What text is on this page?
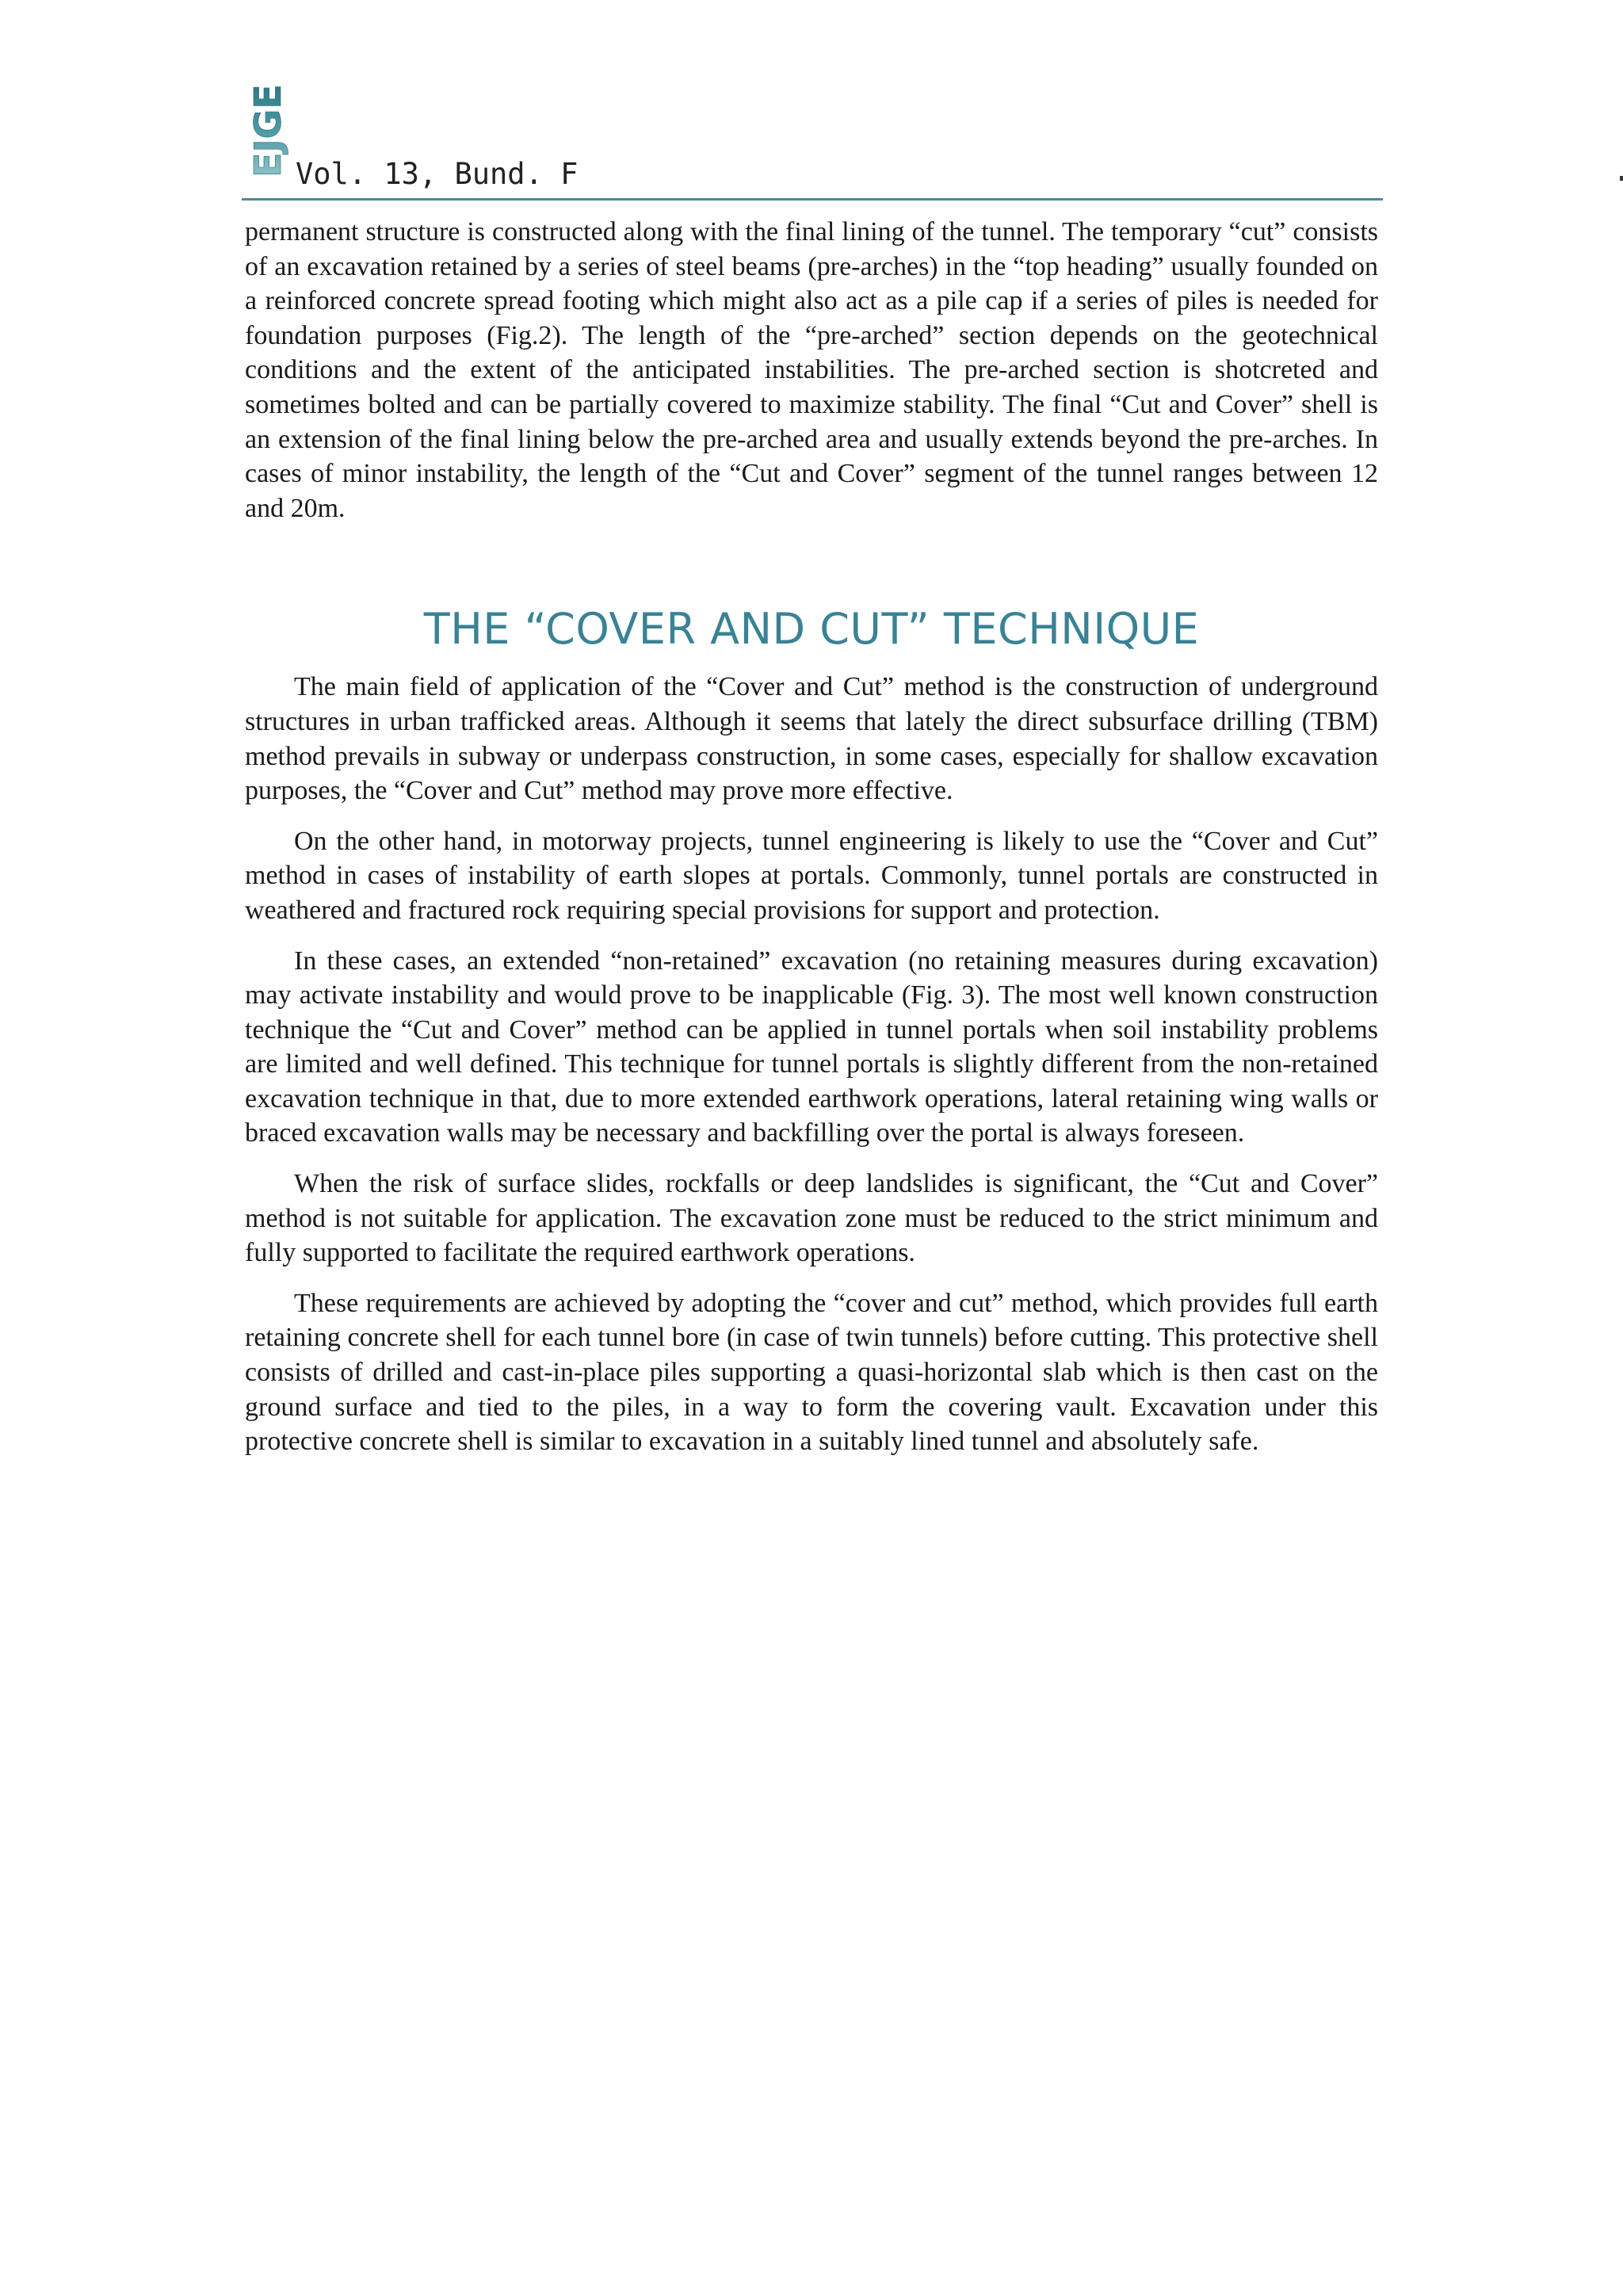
EJGE Vol. 13, Bund. F

permanent structure is constructed along with the final lining of the tunnel. The temporary “cut” consists of an excavation retained by a series of steel beams (pre-arches) in the “top heading” usually founded on a reinforced concrete spread footing which might also act as a pile cap if a series of piles is needed for foundation purposes (Fig.2). The length of the “pre-arched” section depends on the geotechnical conditions and the extent of the anticipated instabilities. The pre-arched section is shotcreted and sometimes bolted and can be partially covered to maximize stability. The final “Cut and Cover” shell is an extension of the final lining below the pre-arched area and usually extends beyond the pre-arches. In cases of minor instability, the length of the “Cut and Cover” segment of the tunnel ranges between 12 and 20m.

THE “COVER AND CUT” TECHNIQUE

The main field of application of the “Cover and Cut” method is the construction of underground structures in urban trafficked areas. Although it seems that lately the direct subsurface drilling (TBM) method prevails in subway or underpass construction, in some cases, especially for shallow excavation purposes, the “Cover and Cut” method may prove more effective.

On the other hand, in motorway projects, tunnel engineering is likely to use the “Cover and Cut” method in cases of instability of earth slopes at portals. Commonly, tunnel portals are constructed in weathered and fractured rock requiring special provisions for support and protection.

In these cases, an extended “non-retained” excavation (no retaining measures during excavation) may activate instability and would prove to be inapplicable (Fig. 3). The most well known construction technique the “Cut and Cover” method can be applied in tunnel portals when soil instability problems are limited and well defined. This technique for tunnel portals is slightly different from the non-retained excavation technique in that, due to more extended earthwork operations, lateral retaining wing walls or braced excavation walls may be necessary and backfilling over the portal is always foreseen.

When the risk of surface slides, rockfalls or deep landslides is significant, the “Cut and Cover” method is not suitable for application. The excavation zone must be reduced to the strict minimum and fully supported to facilitate the required earthwork operations.

These requirements are achieved by adopting the “cover and cut” method, which provides full earth retaining concrete shell for each tunnel bore (in case of twin tunnels) before cutting. This protective shell consists of drilled and cast-in-place piles supporting a quasi-horizontal slab which is then cast on the ground surface and tied to the piles, in a way to form the covering vault. Excavation under this protective concrete shell is similar to excavation in a suitably lined tunnel and absolutely safe.
